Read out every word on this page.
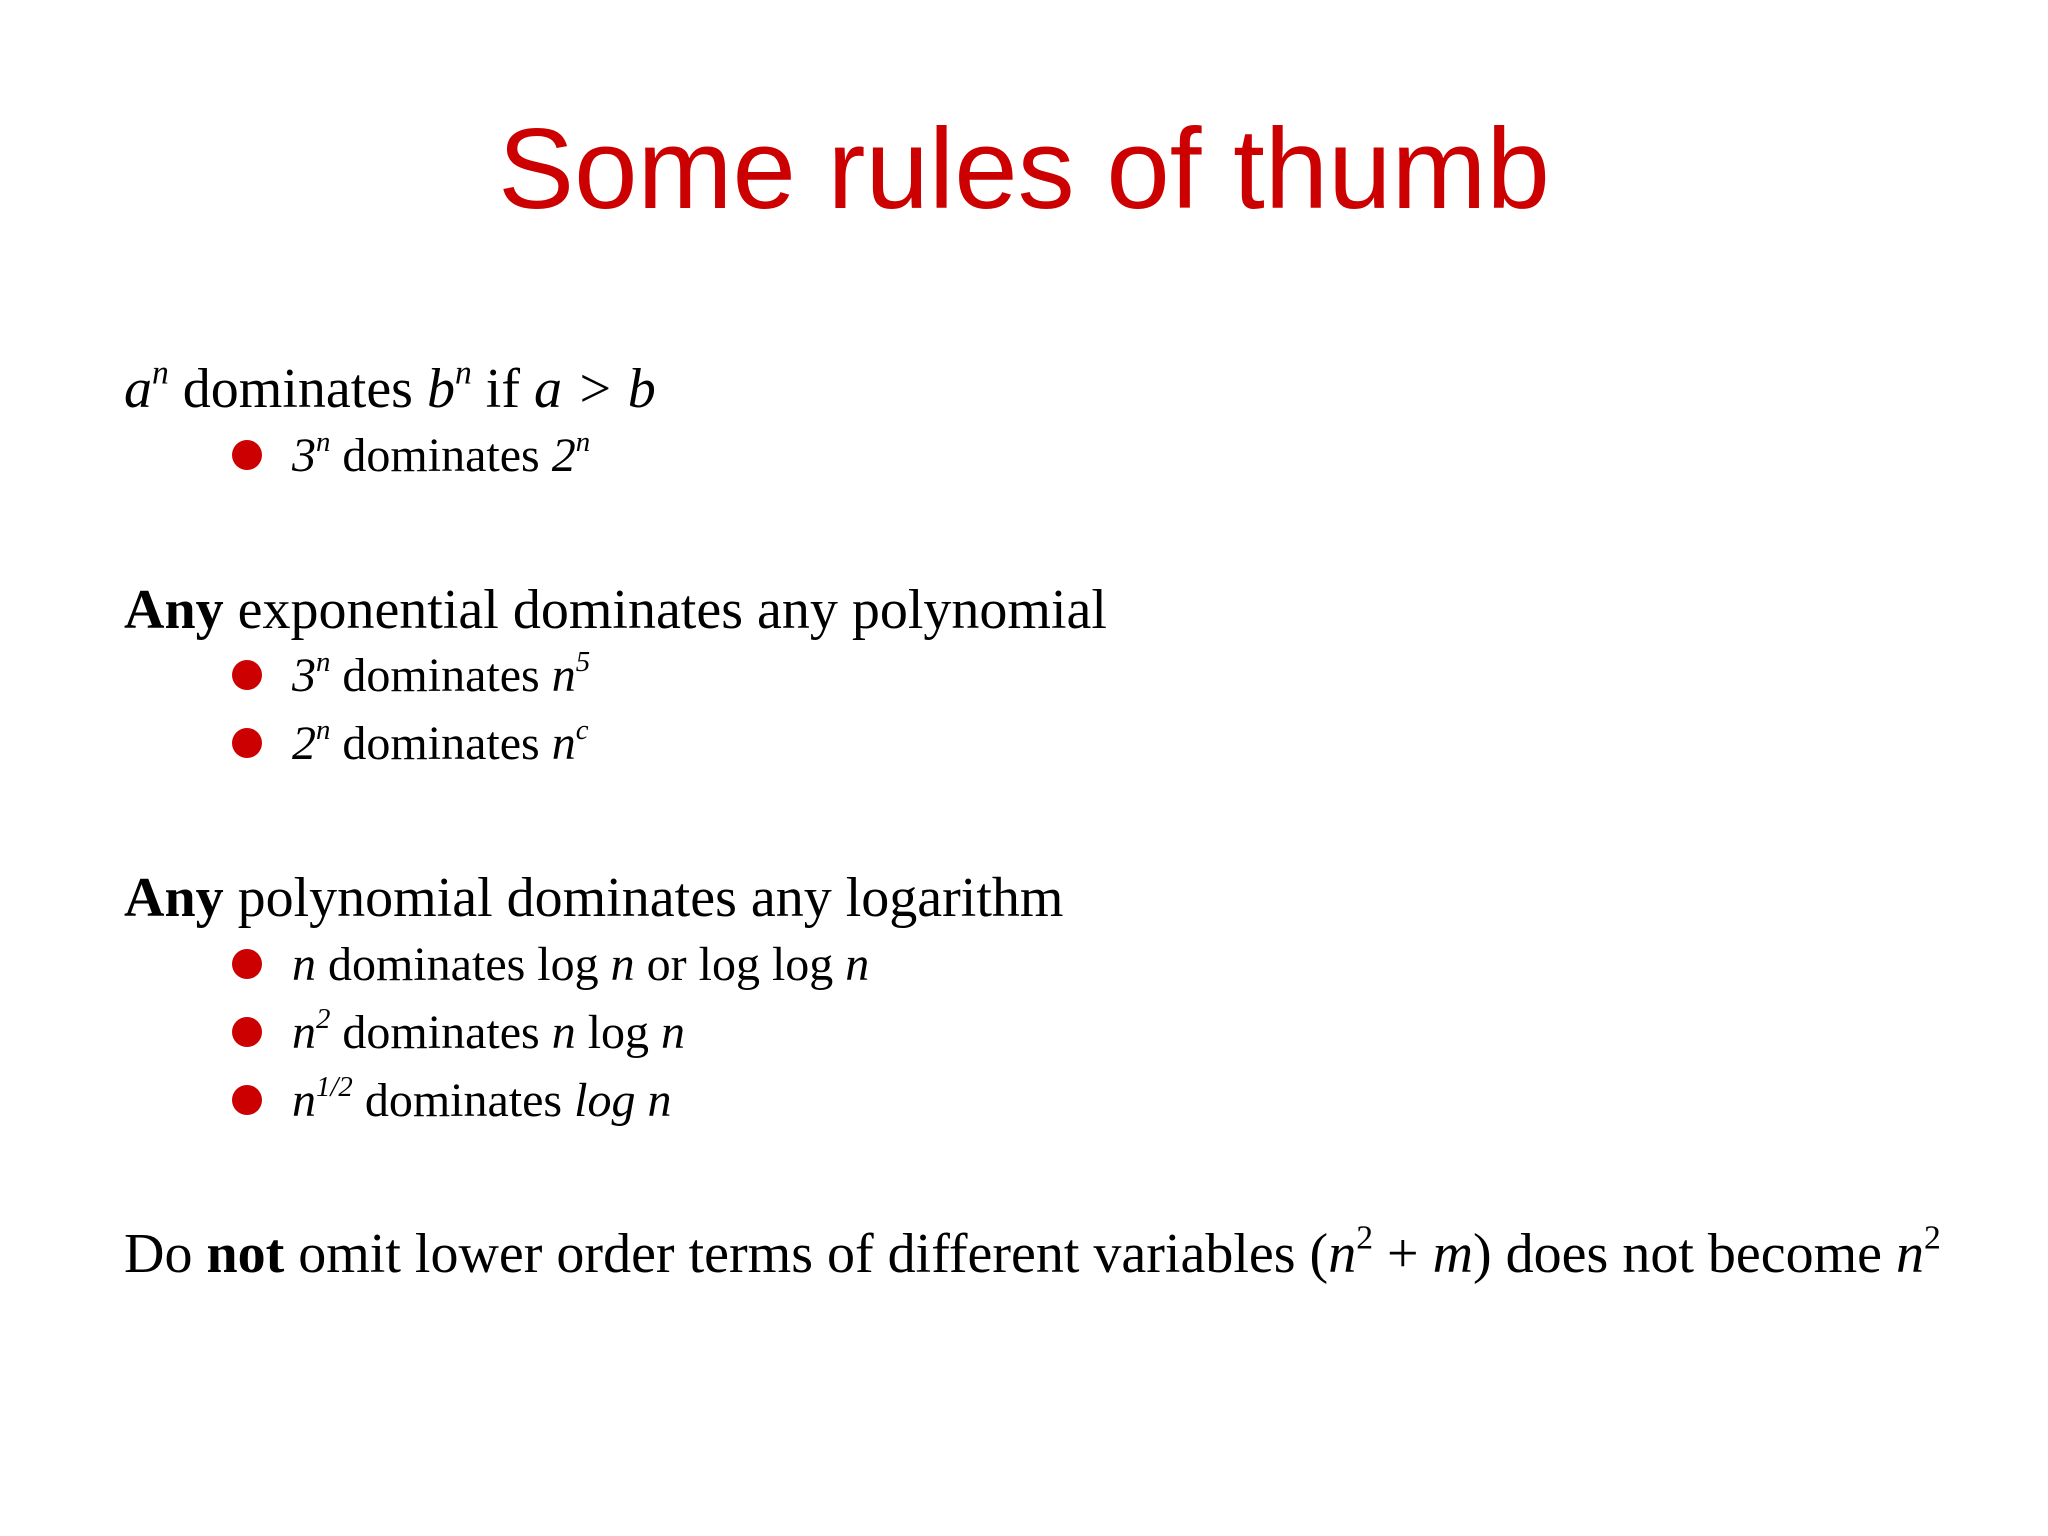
Some rules of thumb
$a^n$ dominates $b^n$ if a > b
3$^n$ dominates 2$^n$
Any exponential dominates any polynomial
3$^n$ dominates $n^5$
2$^n$ dominates $n^c$
Any polynomial dominates any logarithm
n dominates log n or log log n
$n^2$ dominates n log n
$n^{1/2}$ dominates log n
Do not omit lower order terms of different variables $(n^2 + m)$ does not become $n^2$
